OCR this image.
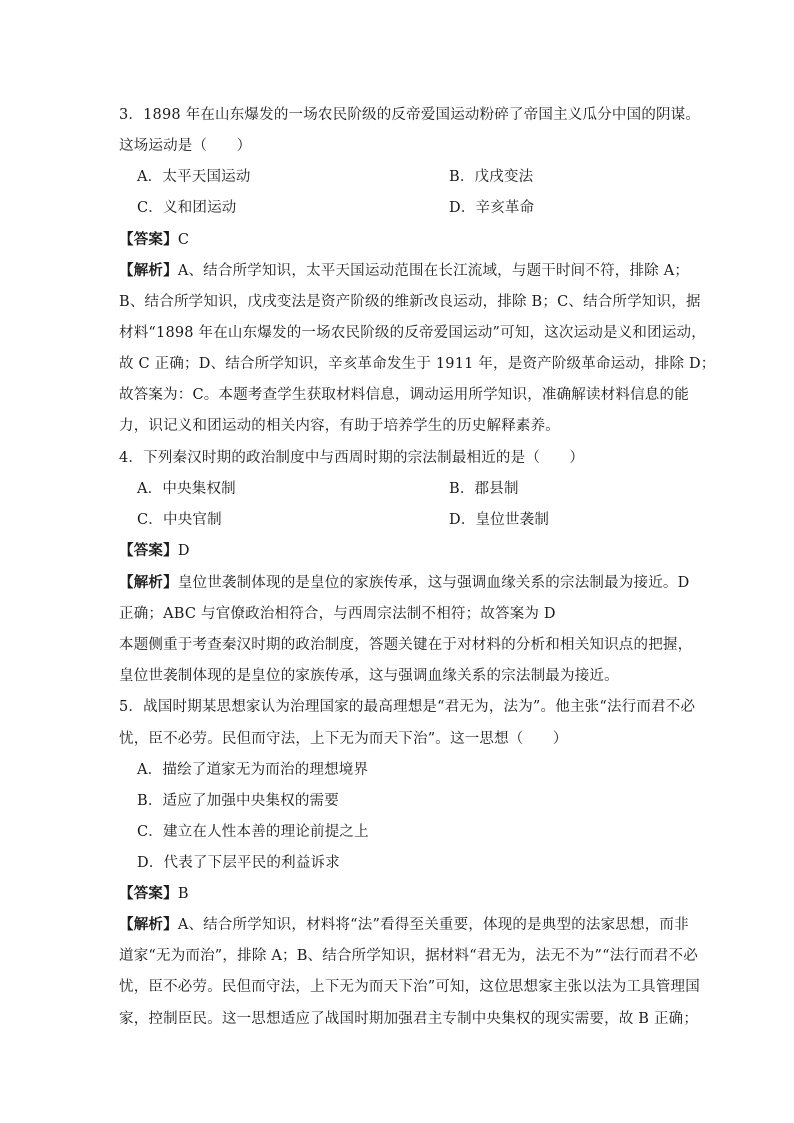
3．1898 年在山东爆发的一场农民阶级的反帝爱国运动粉碎了帝国主义瓜分中国的阴谋。
这场运动是（　　）
A．太平天国运动	B．戊戌变法
C．义和团运动	D．辛亥革命
【答案】C
【解析】A、结合所学知识，太平天国运动范围在长江流域，与题干时间不符，排除 A；
B、结合所学知识，戊戌变法是资产阶级的维新改良运动，排除 B；C、结合所学知识，据
材料“1898 年在山东爆发的一场农民阶级的反帝爱国运动”可知，这次运动是义和团运动，
故 C 正确；D、结合所学知识，辛亥革命发生于 1911 年，是资产阶级革命运动，排除 D；
故答案为：C。本题考查学生获取材料信息，调动运用所学知识，准确解读材料信息的能
力，识记义和团运动的相关内容，有助于培养学生的历史解释素养。
4．下列秦汉时期的政治制度中与西周时期的宗法制最相近的是（　　）
A．中央集权制	B．郡县制
C．中央官制	D．皇位世袭制
【答案】D
【解析】皇位世袭制体现的是皇位的家族传承，这与强调血缘关系的宗法制最为接近。D
正确；ABC 与官僚政治相符合，与西周宗法制不相符；故答案为 D
本题侧重于考查秦汉时期的政治制度，答题关键在于对材料的分析和相关知识点的把握，
皇位世袭制体现的是皇位的家族传承，这与强调血缘关系的宗法制最为接近。
5．战国时期某思想家认为治理国家的最高理想是“君无为，法为”。他主张“法行而君不必
忧，臣不必劳。民但而守法，上下无为而天下治”。这一思想（　　）
A．描绘了道家无为而治的理想境界
B．适应了加强中央集权的需要
C．建立在人性本善的理论前提之上
D．代表了下层平民的利益诉求
【答案】B
【解析】A、结合所学知识，材料将“法”看得至关重要，体现的是典型的法家思想，而非
道家“无为而治”，排除 A；B、结合所学知识，据材料“君无为，法无不为”“法行而君不必
忧，臣不必劳。民但而守法，上下无为而天下治”可知，这位思想家主张以法为工具管理国
家，控制臣民。这一思想适应了战国时期加强君主专制中央集权的现实需要，故 B 正确；
